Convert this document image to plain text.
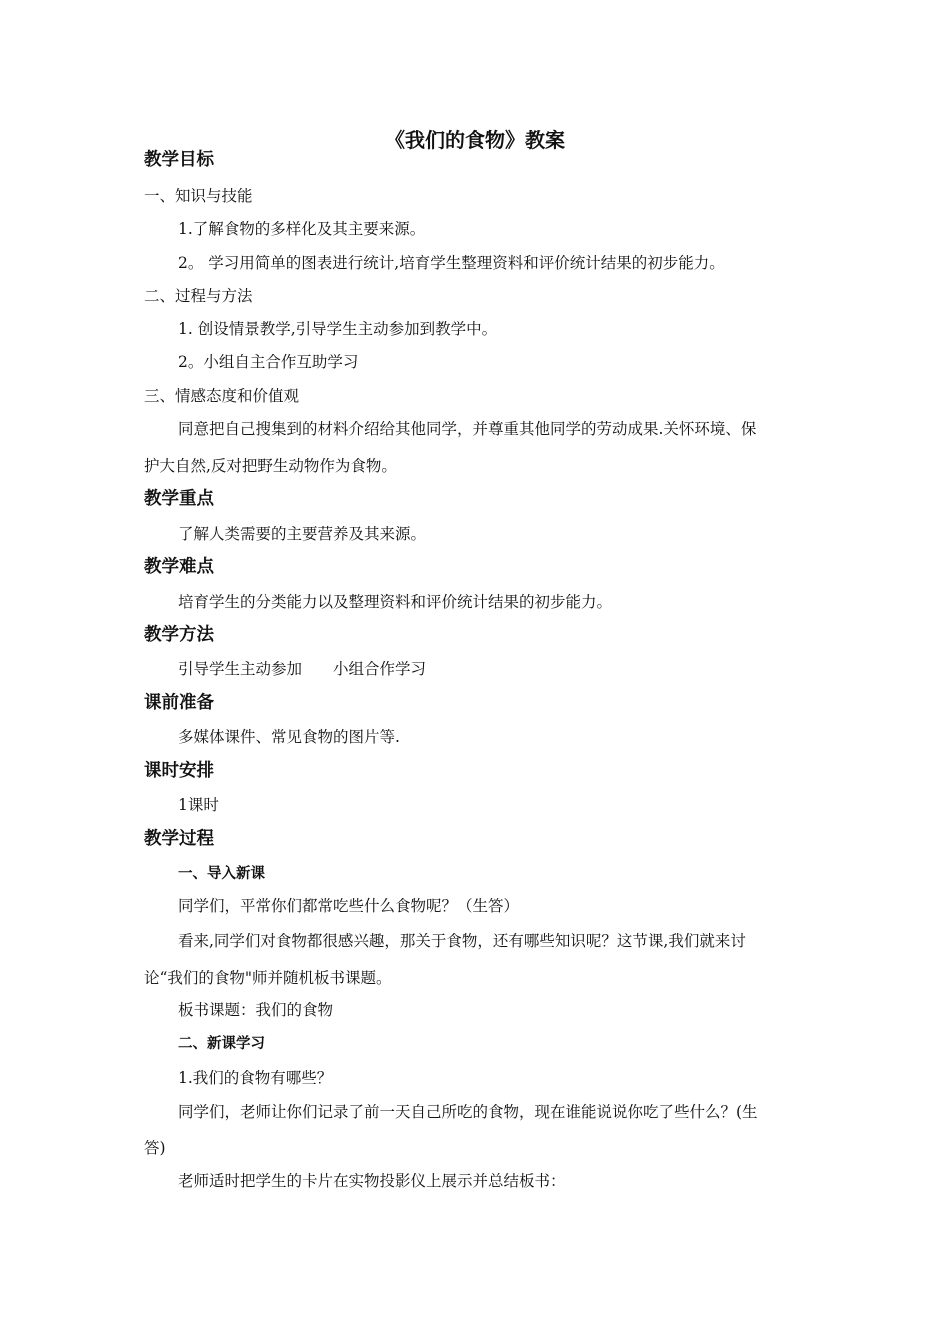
《我们的食物》教案
教学目标
一、知识与技能
1.了解食物的多样化及其主要来源。
2。 学习用简单的图表进行统计,培育学生整理资料和评价统计结果的初步能力。
二、过程与方法
1. 创设情景教学,引导学生主动参加到教学中。
2。小组自主合作互助学习
三、情感态度和价值观
同意把自己搜集到的材料介绍给其他同学，并尊重其他同学的劳动成果.关怀环境、保
护大自然,反对把野生动物作为食物。
教学重点
了解人类需要的主要营养及其来源。
教学难点
培育学生的分类能力以及整理资料和评价统计结果的初步能力。
教学方法
引导学生主动参加　　小组合作学习
课前准备
多媒体课件、常见食物的图片等.
课时安排
1课时
教学过程
一、导入新课
同学们，平常你们都常吃些什么食物呢？（生答）
看来,同学们对食物都很感兴趣，那关于食物，还有哪些知识呢？这节课,我们就来讨
论“我们的食物"师并随机板书课题。
板书课题：我们的食物
二、新课学习
1.我们的食物有哪些？
同学们，老师让你们记录了前一天自己所吃的食物，现在谁能说说你吃了些什么？(生
答)
老师适时把学生的卡片在实物投影仪上展示并总结板书：
